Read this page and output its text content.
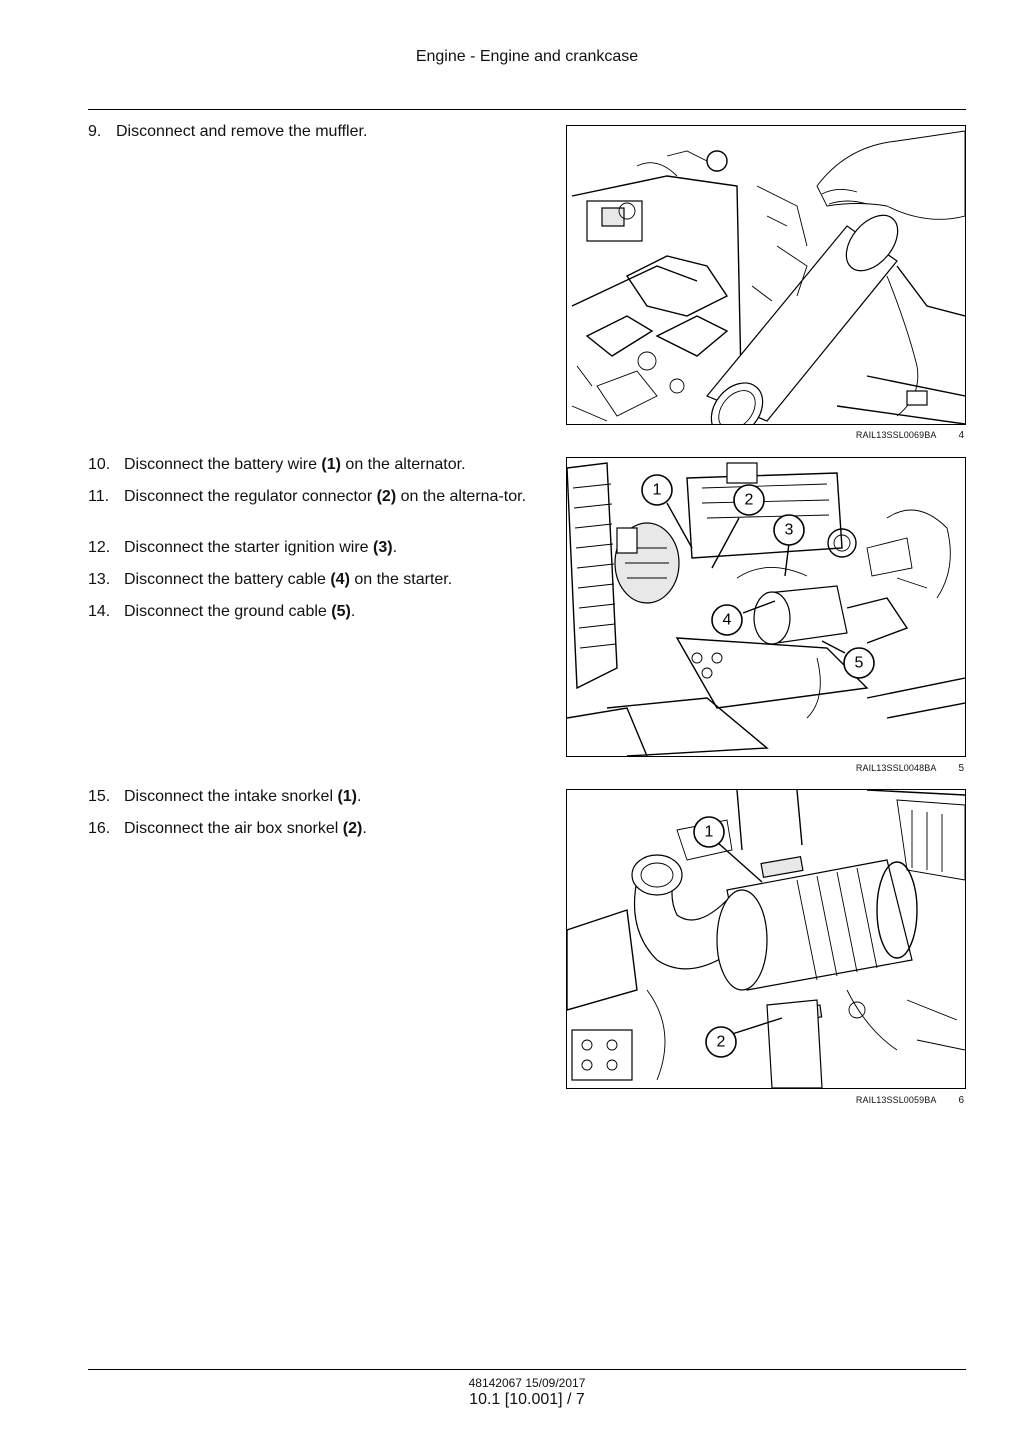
Engine - Engine and crankcase
9. Disconnect and remove the muffler.
RAIL13SSL0069BA 4
10. Disconnect the battery wire (1) on the alternator.
11. Disconnect the regulator connector (2) on the alterna-tor.
12. Disconnect the starter ignition wire (3).
13. Disconnect the battery cable (4) on the starter.
14. Disconnect the ground cable (5).
1
2
3
4
5
RAIL13SSL0048BA 5
15. Disconnect the intake snorkel (1).
16. Disconnect the air box snorkel (2).	1
2
RAIL13SSL0059BA 6
48142067 15/09/2017
10.1 [10.001] / 7
